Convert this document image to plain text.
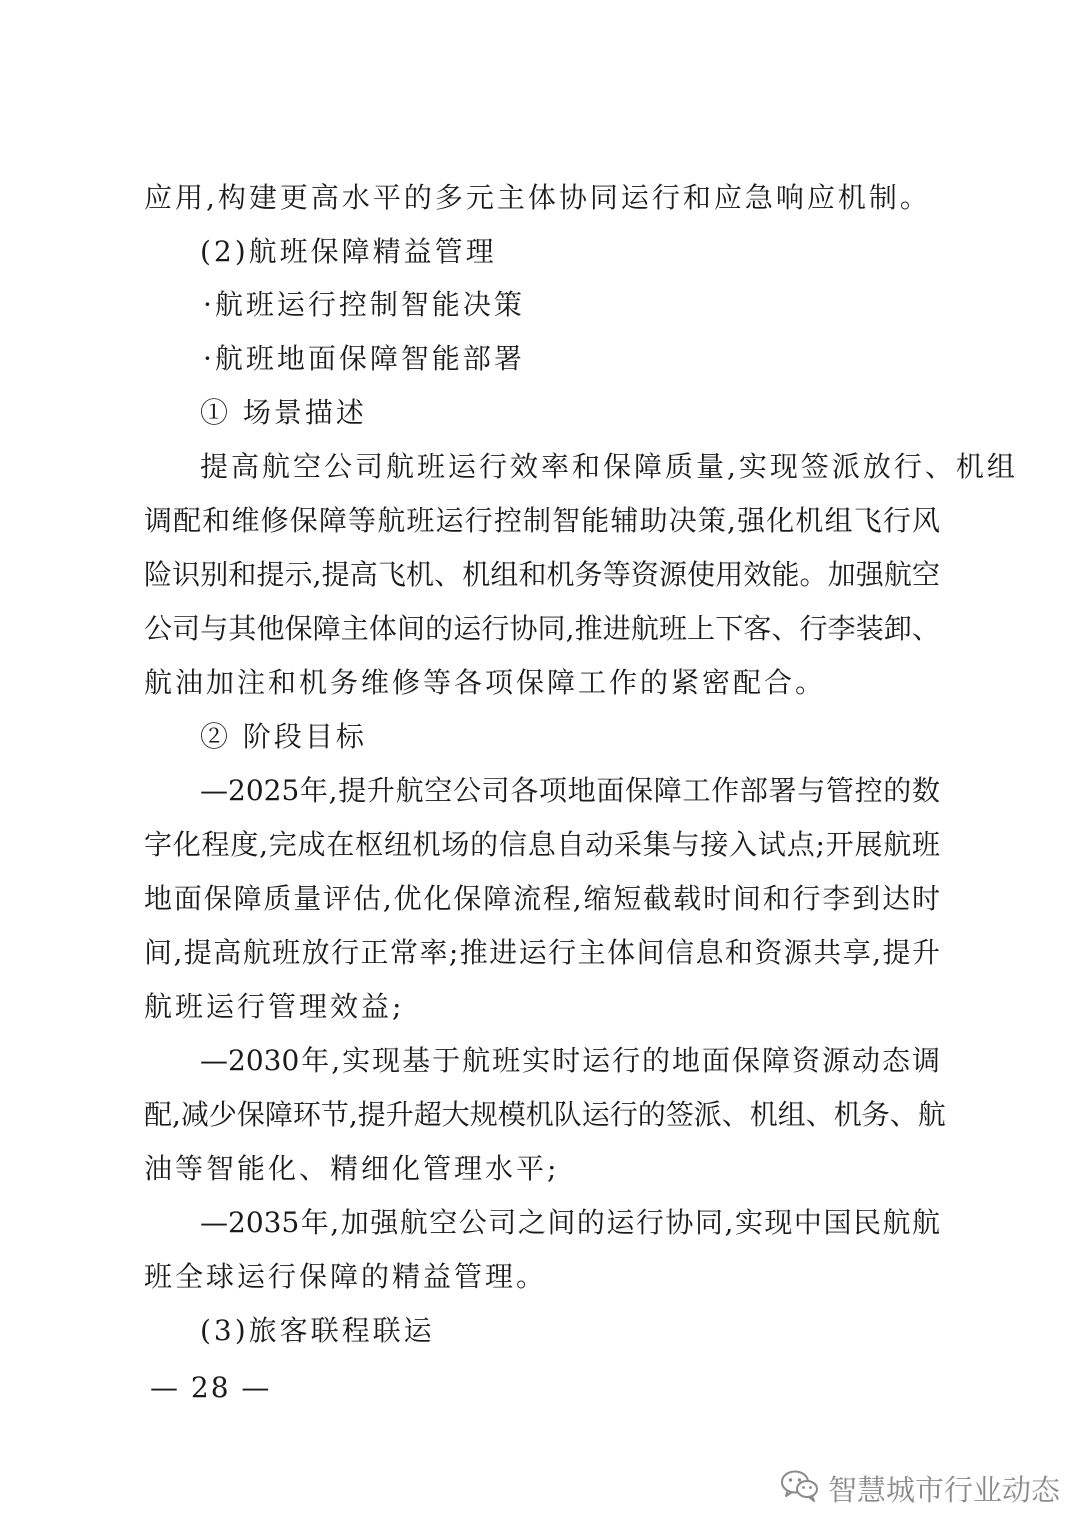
应用,构建更高水平的多元主体协同运行和应急响应机制。
(2)航班保障精益管理
·航班运行控制智能决策
·航班地面保障智能部署
① 场景描述
提高航空公司航班运行效率和保障质量,实现签派放行、机组
调配和维修保障等航班运行控制智能辅助决策,强化机组飞行风
险识别和提示,提高飞机、机组和机务等资源使用效能。加强航空
公司与其他保障主体间的运行协同,推进航班上下客、行李装卸、
航油加注和机务维修等各项保障工作的紧密配合。
② 阶段目标
—2025年,提升航空公司各项地面保障工作部署与管控的数
字化程度,完成在枢纽机场的信息自动采集与接入试点;开展航班
地面保障质量评估,优化保障流程,缩短截载时间和行李到达时
间,提高航班放行正常率;推进运行主体间信息和资源共享,提升
航班运行管理效益;
—2030年,实现基于航班实时运行的地面保障资源动态调
配,减少保障环节,提升超大规模机队运行的签派、机组、机务、航
油等智能化、精细化管理水平;
—2035年,加强航空公司之间的运行协同,实现中国民航航
班全球运行保障的精益管理。
(3)旅客联程联运
— 28 —
智慧城市行业动态
